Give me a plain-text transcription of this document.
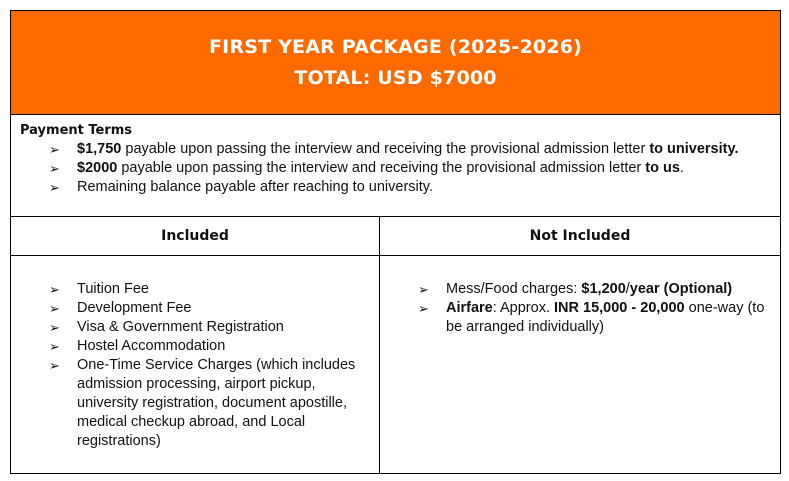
FIRST YEAR PACKAGE (2025-2026)
TOTAL: USD $7000
Payment Terms
➢ $1,750 payable upon passing the interview and receiving the provisional admission letter to university.
➢ $2000 payable upon passing the interview and receiving the provisional admission letter to us.
➢ Remaining balance payable after reaching to university.
Included	Not Included
➢ Tuition Fee
➢ Development Fee
➢ Visa & Government Registration
➢ Hostel Accommodation
➢ One-Time Service Charges (which includes admission processing, airport pickup, university registration, document apostille, medical checkup abroad, and Local registrations)
➢ Mess/Food charges: $1,200/year (Optional)
➢ Airfare: Approx. INR 15,000 - 20,000 one-way (to be arranged individually)
